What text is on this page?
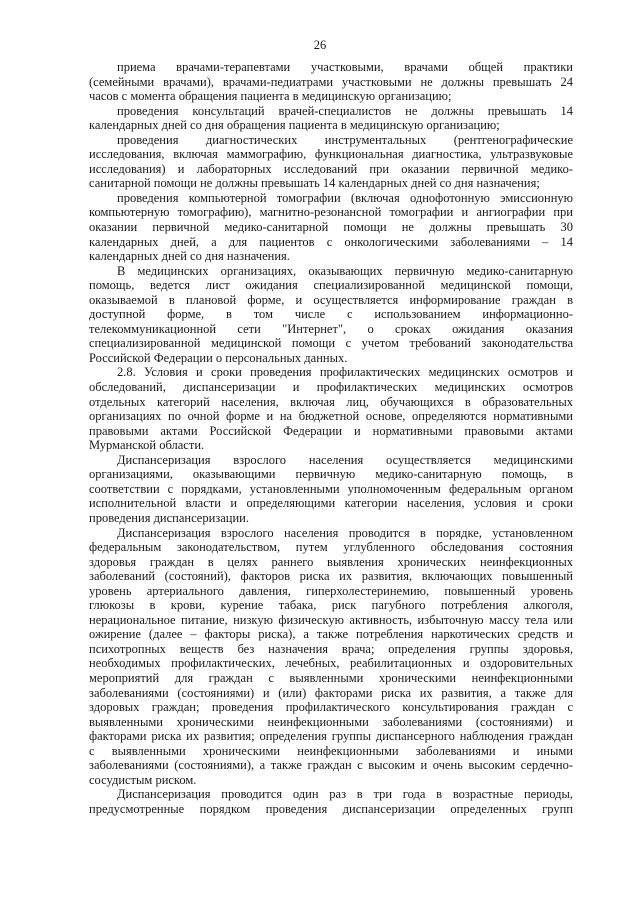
26
приема врачами-терапевтами участковыми, врачами общей практики
(семейными врачами), врачами-педиатрами участковыми не должны превышать 24
часов с момента обращения пациента в медицинскую организацию;
проведения консультаций врачей-специалистов не должны превышать 14
календарных дней со дня обращения пациента в медицинскую организацию;
проведения диагностических инструментальных (рентгенографические
исследования, включая маммографию, функциональная диагностика, ультразвуковые
исследования) и лабораторных исследований при оказании первичной медико-
санитарной помощи не должны превышать 14 календарных дней со дня назначения;
проведения компьютерной томографии (включая однофотонную эмиссионную
компьютерную томографию), магнитно-резонансной томографии и ангиографии при
оказании первичной медико-санитарной помощи не должны превышать 30
календарных дней, а для пациентов с онкологическими заболеваниями – 14
календарных дней со дня назначения.
В медицинских организациях, оказывающих первичную медико-санитарную
помощь, ведется лист ожидания специализированной медицинской помощи,
оказываемой в плановой форме, и осуществляется информирование граждан в
доступной форме, в том числе с использованием информационно-
телекоммуникационной сети "Интернет", о сроках ожидания оказания
специализированной медицинской помощи с учетом требований законодательства
Российской Федерации о персональных данных.
2.8. Условия и сроки проведения профилактических медицинских осмотров и
обследований, диспансеризации и профилактических медицинских осмотров
отдельных категорий населения, включая лиц, обучающихся в образовательных
организациях по очной форме и на бюджетной основе, определяются нормативными
правовыми актами Российской Федерации и нормативными правовыми актами
Мурманской области.
Диспансеризация взрослого населения осуществляется медицинскими
организациями, оказывающими первичную медико-санитарную помощь, в
соответствии с порядками, установленными уполномоченным федеральным органом
исполнительной власти и определяющими категории населения, условия и сроки
проведения диспансеризации.
Диспансеризация взрослого населения проводится в порядке, установленном
федеральным законодательством, путем углубленного обследования состояния
здоровья граждан в целях раннего выявления хронических неинфекционных
заболеваний (состояний), факторов риска их развития, включающих повышенный
уровень артериального давления, гиперхолестеринемию, повышенный уровень
глюкозы в крови, курение табака, риск пагубного потребления алкоголя,
нерациональное питание, низкую физическую активность, избыточную массу тела или
ожирение (далее – факторы риска), а также потребления наркотических средств и
психотропных веществ без назначения врача; определения группы здоровья,
необходимых профилактических, лечебных, реабилитационных и оздоровительных
мероприятий для граждан с выявленными хроническими неинфекционными
заболеваниями (состояниями) и (или) факторами риска их развития, а также для
здоровых граждан; проведения профилактического консультирования граждан с
выявленными хроническими неинфекционными заболеваниями (состояниями) и
факторами риска их развития; определения группы диспансерного наблюдения граждан
с выявленными хроническими неинфекционными заболеваниями и иными
заболеваниями (состояниями), а также граждан с высоким и очень высоким сердечно-
сосудистым риском.
Диспансеризация проводится один раз в три года в возрастные периоды,
предусмотренные порядком проведения диспансеризации определенных групп
